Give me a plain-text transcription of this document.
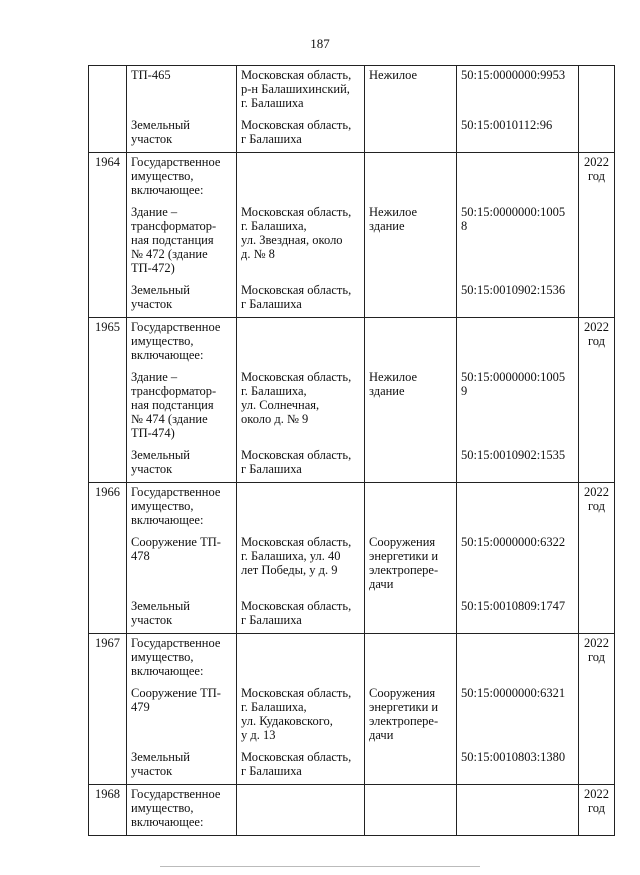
187
	ТП-465	Московская область,
р-н Балашихинский,
г. Балашиха	Нежилое	50:15:0000000:9953	
	Земельный
участок	Московская область,
г Балашиха		50:15:0010112:96	
1964	Государственное
имущество,
включающее:				2022
год
	Здание –
трансформатор-
ная подстанция
№ 472 (здание
ТП-472)	Московская область,
г. Балашиха,
ул. Звездная, около
д. № 8	Нежилое
здание	50:15:0000000:1005
8	
	Земельный
участок	Московская область,
г Балашиха		50:15:0010902:1536	
1965	Государственное
имущество,
включающее:				2022
год
	Здание –
трансформатор-
ная подстанция
№ 474 (здание
ТП-474)	Московская область,
г. Балашиха,
ул. Солнечная,
около д. № 9	Нежилое
здание	50:15:0000000:1005
9	
	Земельный
участок	Московская область,
г Балашиха		50:15:0010902:1535	
1966	Государственное
имущество,
включающее:				2022
год
	Сооружение ТП-
478	Московская область,
г. Балашиха, ул. 40
лет Победы, у д. 9	Сооружения
энергетики и
электропере-
дачи	50:15:0000000:6322	
	Земельный
участок	Московская область,
г Балашиха		50:15:0010809:1747	
1967	Государственное
имущество,
включающее:				2022
год
	Сооружение ТП-
479	Московская область,
г. Балашиха,
ул. Кудаковского,
у д. 13	Сооружения
энергетики и
электропере-
дачи	50:15:0000000:6321	
	Земельный
участок	Московская область,
г Балашиха		50:15:0010803:1380	
1968	Государственное
имущество,
включающее:				2022
год
